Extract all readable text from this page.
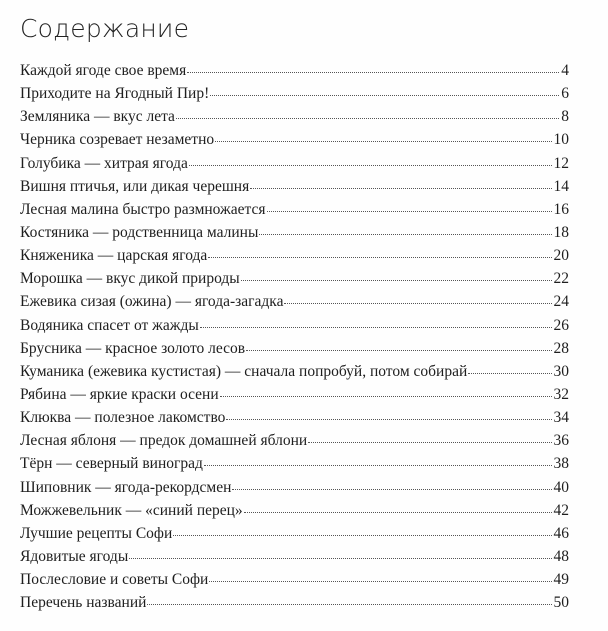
Содержание
Каждой ягоде свое время	4
Приходите на Ягодный Пир!	6
Земляника — вкус лета	8
Черника созревает незаметно	10
Голубика — хитрая ягода	12
Вишня птичья, или дикая черешня	14
Лесная малина быстро размножается	16
Костяника — родственница малины	18
Княженика — царская ягода	20
Морошка — вкус дикой природы	22
Ежевика сизая (ожина) — ягода-загадка	24
Водяника спасет от жажды	26
Брусника — красное золото лесов	28
Куманика (ежевика кустистая) — сначала попробуй, потом собирай	30
Рябина — яркие краски осени	32
Клюква — полезное лакомство	34
Лесная яблоня — предок домашней яблони	36
Тёрн — северный виноград	38
Шиповник — ягода-рекордсмен	40
Можжевельник — «синий перец»	42
Лучшие рецепты Софи	46
Ядовитые ягоды	48
Послесловие и советы Софи	49
Перечень названий	50
